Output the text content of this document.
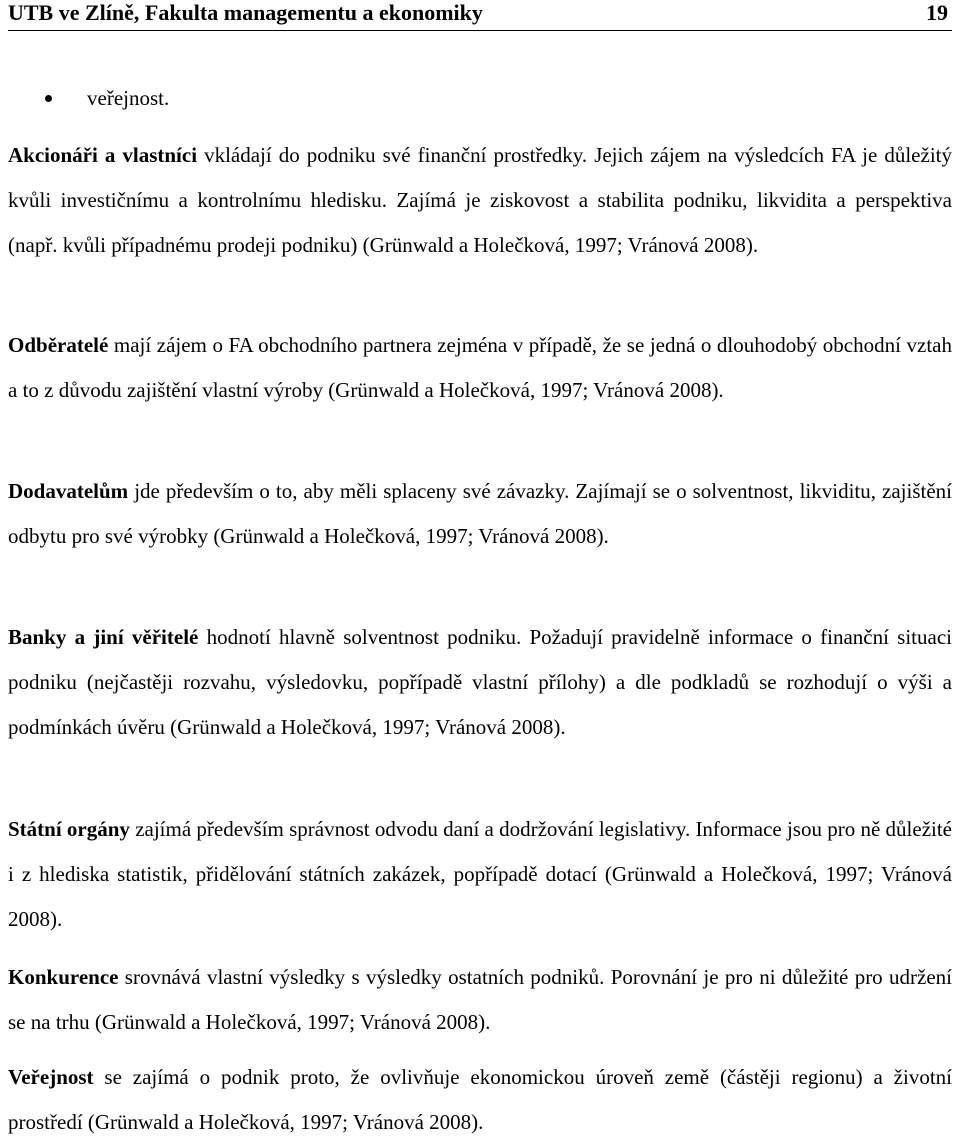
UTB ve Zlíně, Fakulta managementu a ekonomiky	19
veřejnost.

Akcionáři a vlastníci vkládají do podniku své finanční prostředky. Jejich zájem na výsledcích FA je důležitý kvůli investičnímu a kontrolnímu hledisku. Zajímá je ziskovost a stabilita podniku, likvidita a perspektiva (např. kvůli případnému prodeji podniku) (Grünwald a Holečková, 1997; Vránová 2008).

Odběratelé mají zájem o FA obchodního partnera zejména v případě, že se jedná o dlouhodobý obchodní vztah a to z důvodu zajištění vlastní výroby (Grünwald a Holečková, 1997; Vránová 2008).

Dodavatelům jde především o to, aby měli splaceny své závazky. Zajímají se o solventnost, likviditu, zajištění odbytu pro své výrobky (Grünwald a Holečková, 1997; Vránová 2008).

Banky a jiní věřitelé hodnotí hlavně solventnost podniku. Požadují pravidelně informace o finanční situaci podniku (nejčastěji rozvahu, výsledovku, popřípadě vlastní přílohy) a dle podkladů se rozhodují o výši a podmínkách úvěru (Grünwald a Holečková, 1997; Vránová 2008).

Státní orgány zajímá především správnost odvodu daní a dodržování legislativy. Informace jsou pro ně důležité i z hlediska statistik, přidělování státních zakázek, popřípadě dotací (Grünwald a Holečková, 1997; Vránová 2008).

Konkurence srovnává vlastní výsledky s výsledky ostatních podniků. Porovnání je pro ni důležité pro udržení se na trhu (Grünwald a Holečková, 1997; Vránová 2008).

Veřejnost se zajímá o podnik proto, že ovlivňuje ekonomickou úroveň země (částěji regionu) a životní prostředí (Grünwald a Holečková, 1997; Vránová 2008).
